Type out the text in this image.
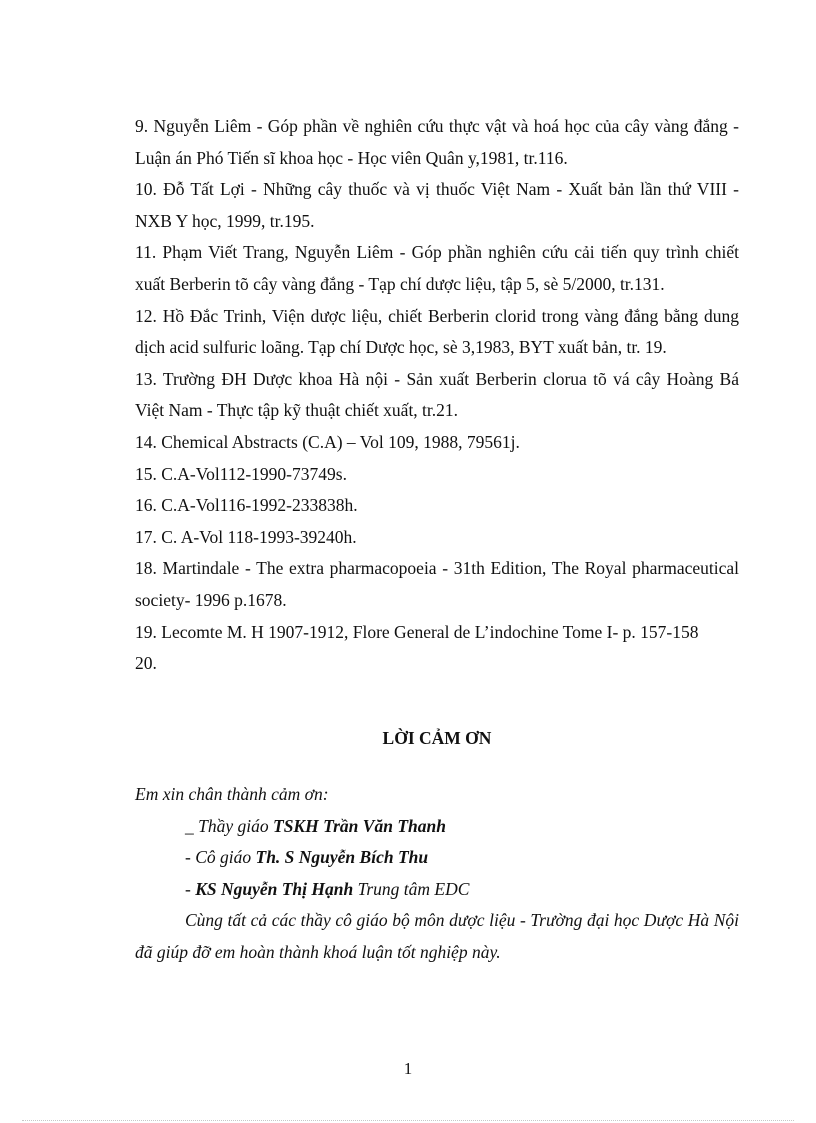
9. Nguyễn Liêm - Góp phần về nghiên cứu thực vật và hoá học của cây vàng đắng - Luận án Phó Tiến sĩ khoa học - Học viên Quân y,1981, tr.116.

10. Đỗ Tất Lợi - Những cây thuốc và vị thuốc Việt Nam - Xuất bản lần thứ VIII - NXB Y học, 1999, tr.195.

11. Phạm Viết Trang, Nguyễn Liêm - Góp phần nghiên cứu cải tiến quy trình chiết xuất Berberin tõ cây vàng đắng - Tạp chí dược liệu, tập 5, sè 5/2000, tr.131.

12. Hồ Đắc Trinh, Viện dược liệu, chiết Berberin clorid trong vàng đắng bằng dung dịch acid sulfuric loãng. Tạp chí Dược học, sè 3,1983, BYT xuất bản, tr. 19.

13. Trường ĐH Dược khoa Hà nội - Sản xuất Berberin clorua tõ vá cây Hoàng Bá Việt Nam - Thực tập kỹ thuật chiết xuất, tr.21.

14. Chemical Abstracts (C.A) – Vol 109, 1988, 79561j.

15. C.A-Vol112-1990-73749s.

16. C.A-Vol116-1992-233838h.

17. C. A-Vol 118-1993-39240h.

18. Martindale - The extra pharmacopoeia - 31th Edition, The Royal pharmaceutical society- 1996 p.1678.

19. Lecomte M. H 1907-1912, Flore General de L’indochine Tome I- p. 157-158

20.

LỜI CẢM ƠN

Em xin chân thành cảm ơn:

_ Thầy giáo TSKH Trần Văn Thanh

- Cô giáo Th. S Nguyễn Bích Thu

- KS Nguyễn Thị Hạnh Trung tâm EDC

Cùng tất cả các thầy cô giáo bộ môn dược liệu - Trường đại học Dược Hà Nội đã giúp đỡ em hoàn thành khoá luận tốt nghiệp này.

1
